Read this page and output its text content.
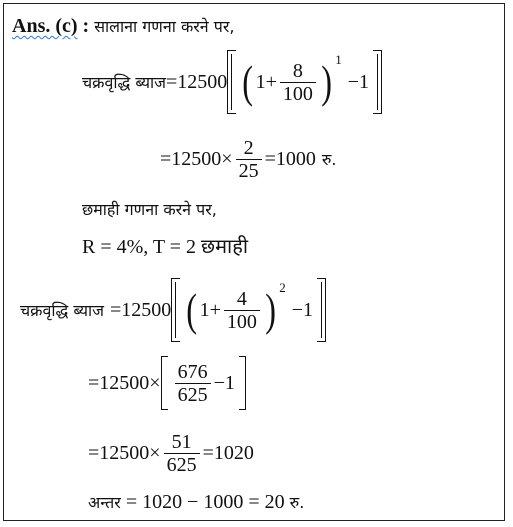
Ans. (c) : सालाना गणना करने पर,
चक्रवृद्धि ब्याज =12500 ( $1+ \frac{8}{100}$ ) 1
−1
$=12500\times \frac{2}{25} =1000$ रु.
छमाही गणना करने पर,
R = 4%, T = 2 छमाही
चक्रवृद्धि ब्याज =12500 ( $1+ \frac{4}{100}$ ) 2
−1
$=12500\times \frac{676}{625} -1$
$=12500\times \frac{51}{625} =1020$
अन्तर = 1020 − 1000 = 20 रु.
